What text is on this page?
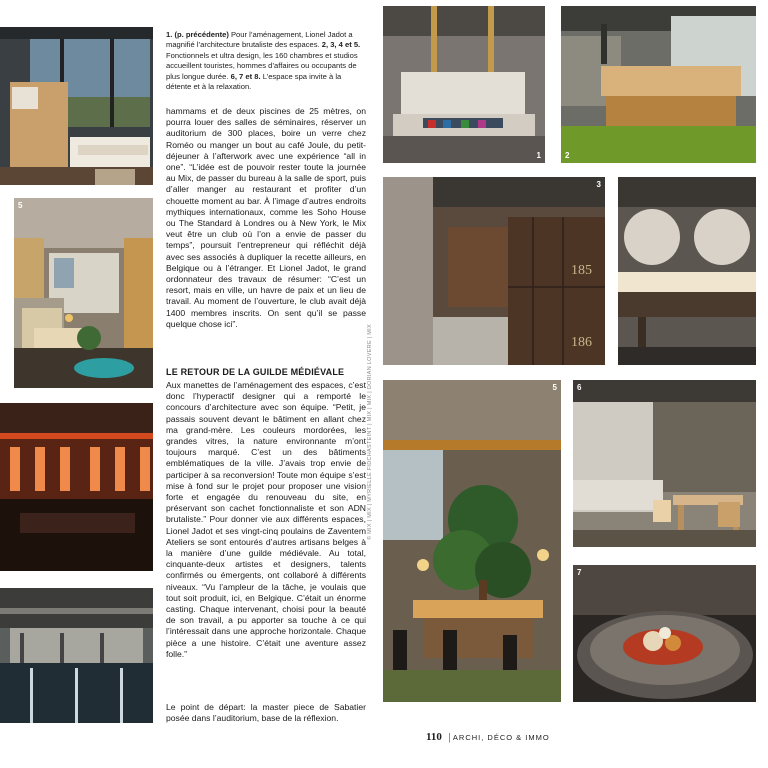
5
1. (p. précédente) Pour l’aménagement, Lionel Jadot a magnifié l’architecture brutaliste des espaces. 2, 3, 4 et 5. Fonctionnels et ultra design, les 160 chambres et studios accueillent touristes, hommes d’affaires ou occupants de plus longue durée. 6, 7 et 8. L’espace spa invite à la détente et à la relaxation.

hammams et de deux piscines de 25 mètres, on pourra louer des salles de séminaires, réserver un auditorium de 300 places, boire un verre chez Roméo ou manger un bout au café Joule, du petit-déjeuner à l’afterwork avec une expérience “all in one”. “L’idée est de pouvoir rester toute la journée au Mix, de passer du bureau à la salle de sport, puis d’aller manger au restaurant et profiter d’un chouette moment au bar. À l’image d’autres endroits mythiques internationaux, comme les Soho House ou The Standard à Londres ou à New York, le Mix veut être un club où l’on a envie de passer du temps”, poursuit l’entrepreneur qui réfléchit déjà avec ses associés à dupliquer la recette ailleurs, en Belgique ou à l’étranger. Et Lionel Jadot, le grand ordonnateur des travaux de résumer: “C’est un resort, mais en ville, un havre de paix et un lieu de travail. Au moment de l’ouverture, le club avait déjà 1400 membres inscrits. On sent qu’il se passe quelque chose ici”.

LE RETOUR DE LA GUILDE MÉDIÉVALE

Aux manettes de l’aménagement des espaces, c’est donc l’hyperactif designer qui a remporté le concours d’architecture avec son équipe. “Petit, je passais souvent devant le bâtiment en allant chez ma grand-mère. Les couleurs mordorées, les grandes vitres, la nature environnante m’ont toujours marqué. C’est un des bâtiments emblématiques de la ville. J’avais trop envie de participer à sa reconversion! Toute mon équipe s’est mise à fond sur le projet pour proposer une vision forte et engagée du renouveau du site, en préservant son cachet fonctionnaliste et son ADN brutaliste.” Pour donner vie aux différents espaces, Lionel Jadot et ses vingt-cinq poulains de Zaventem Ateliers se sont entourés d’autres artisans belges à la manière d’une guilde médiévale. Au total, cinquante-deux artistes et designers, talents confirmés ou émergents, ont collaboré à différents niveaux. “Vu l’ampleur de la tâche, je voulais que tout soit produit, ici, en Belgique. C’était un énorme casting. Chaque intervenant, choisi pour la beauté de son travail, a pu apporter sa touche à ce qui l’intéressait dans une approche horizontale. Chaque pièce a une histoire. C’était une aventure assez folle.”

Le point de départ: la master piece de Sabatier posée dans l’auditorium, base de la réflexion.

© MIX | MIX | MYRIELLE FIDCHASTEINT | MIX | MIX | DORIAN LOVERE | MIX
1	2
185
186
3
5	6
7
110 | ARCHI, DÉCO & IMMO
